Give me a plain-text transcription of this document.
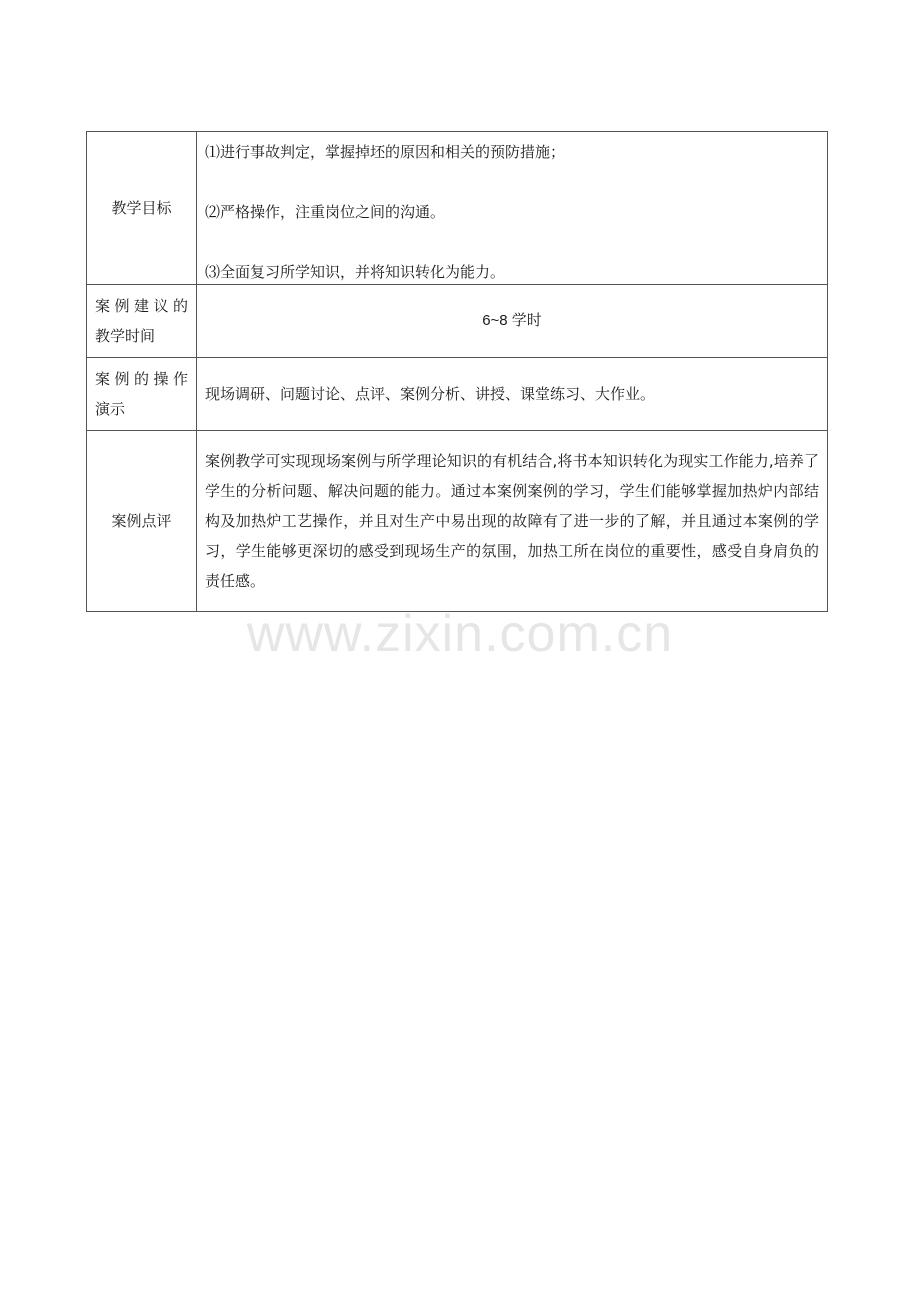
教学目标	⑴进行事故判定，掌握掉坯的原因和相关的预防措施；
⑵严格操作，注重岗位之间的沟通。
⑶全面复习所学知识，并将知识转化为能力。

案例建议的
教学时间	6~8 学时

案例的操作
演示	现场调研、问题讨论、点评、案例分析、讲授、课堂练习、大作业。
案例点评	案例教学可实现现场案例与所学理论知识的有机结合,将书本知识转化为现实工作能力,培养了学生的分析问题、解决问题的能力。通过本案例案例的学习，学生们能够掌握加热炉内部结构及加热炉工艺操作，并且对生产中易出现的故障有了进一步的了解，并且通过本案例的学习，学生能够更深切的感受到现场生产的氛围，加热工所在岗位的重要性，感受自身肩负的责任感。
www.zixin.com.cn
